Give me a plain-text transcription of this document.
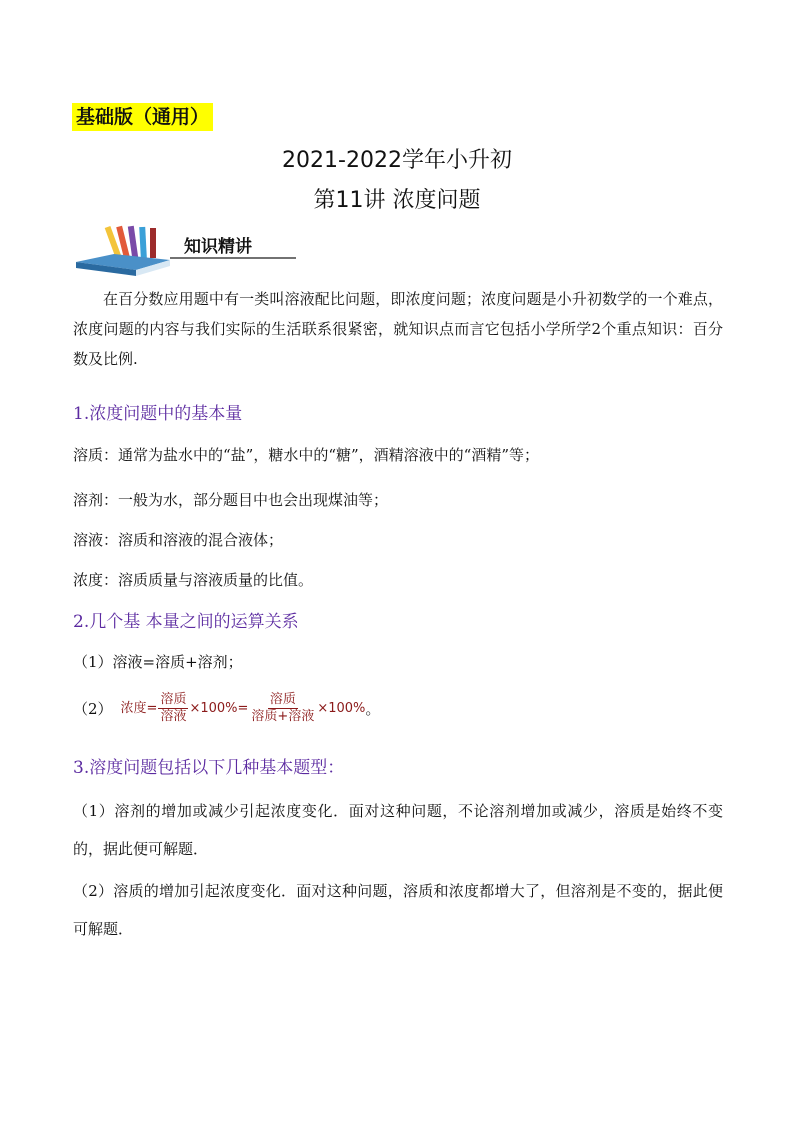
基础版（通用）
2021-2022学年小升初
第11讲 浓度问题
知识精讲
在百分数应用题中有一类叫溶液配比问题，即浓度问题；浓度问题是小升初数学的一个难点，浓度问题的内容与我们实际的生活联系很紧密，就知识点而言它包括小学所学2个重点知识：百分数及比例.
1.浓度问题中的基本量
溶质：通常为盐水中的“盐”，糖水中的“糖”，酒精溶液中的“酒精”等；
溶剂：一般为水，部分题目中也会出现煤油等；
溶液：溶质和溶液的混合液体；
浓度：溶质质量与溶液质量的比值。
2.几个基 本量之间的运算关系
（1）溶液=溶质+溶剂；
（2） 浓度= $\frac{\text{溶质}}{\text{溶液}} \times 100\%= \frac{\text{溶质}}{\text{溶质+溶液}} \times 100\%$ 。
3.溶度问题包括以下几种基本题型：
（1）溶剂的增加或减少引起浓度变化．面对这种问题，不论溶剂增加或减少，溶质是始终不变的，据此便可解题．
（2）溶质的增加引起浓度变化．面对这种问题，溶质和浓度都增大了，但溶剂是不变的，据此便可解题．
